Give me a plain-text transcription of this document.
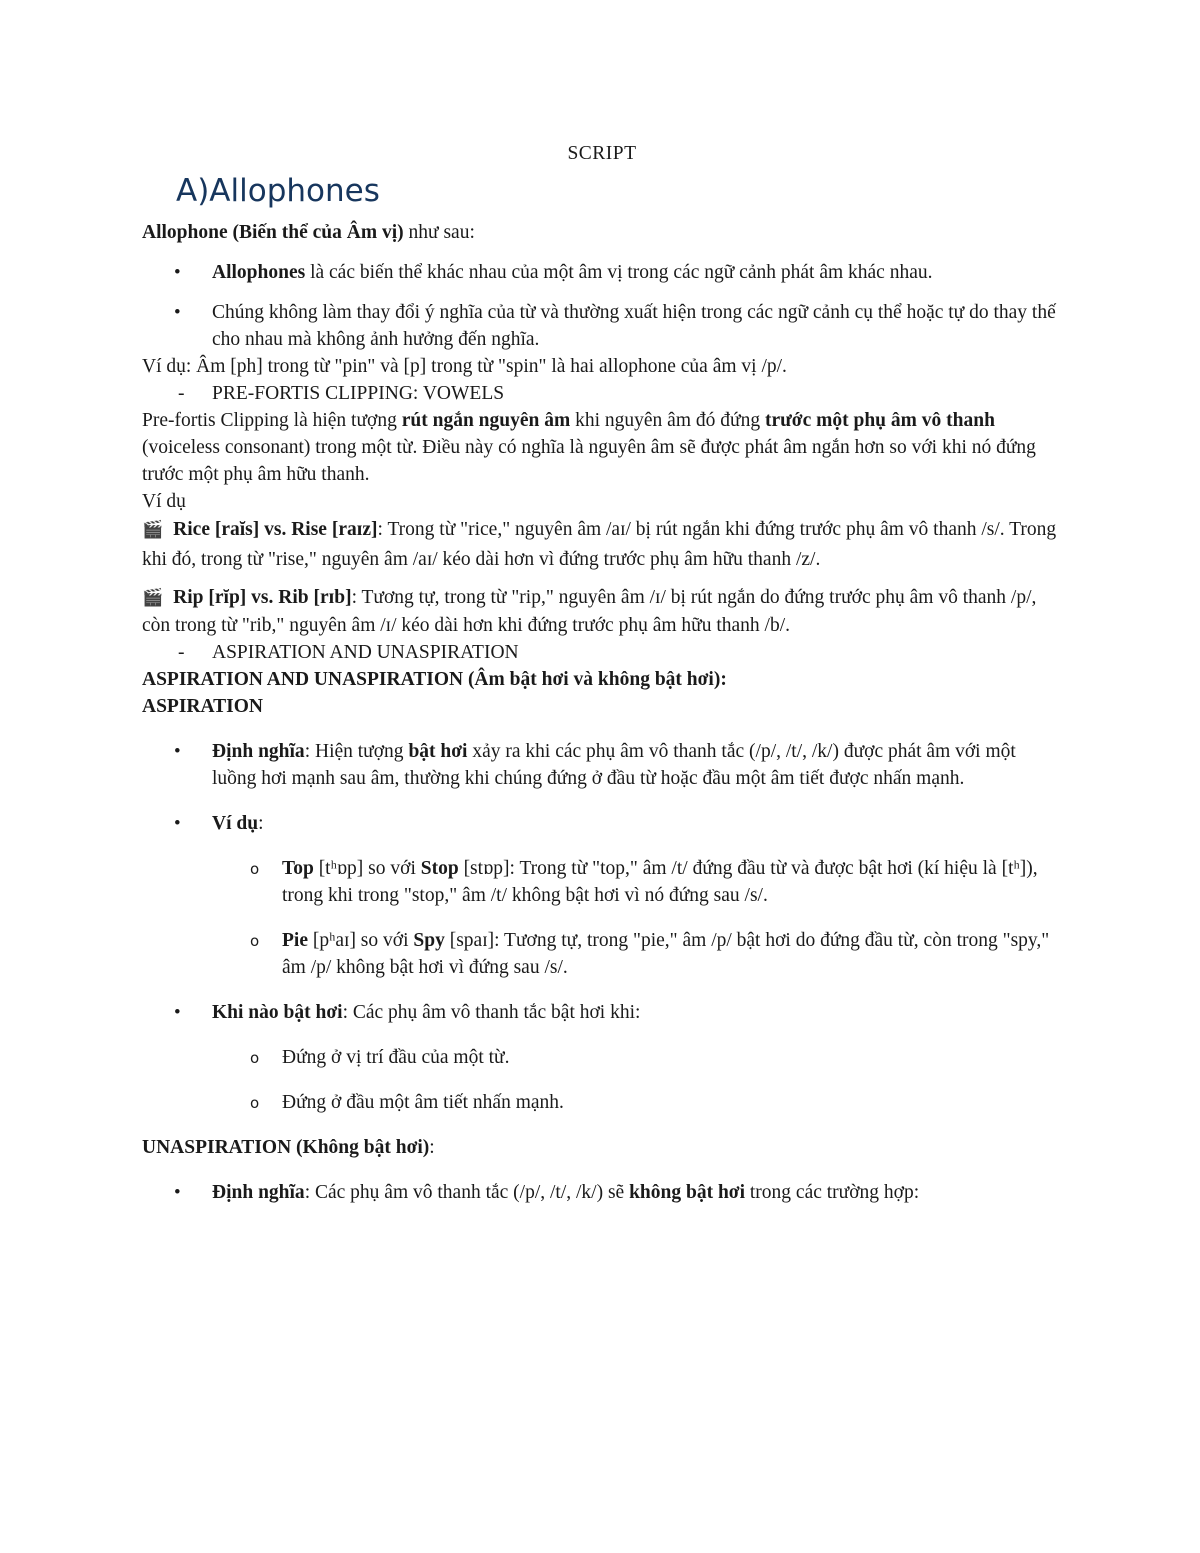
SCRIPT

A)Allophones

Allophone (Biến thể của Âm vị) như sau:

• Allophones là các biến thể khác nhau của một âm vị trong các ngữ cảnh phát âm khác nhau.
• Chúng không làm thay đổi ý nghĩa của từ và thường xuất hiện trong các ngữ cảnh cụ thể hoặc tự do thay thế cho nhau mà không ảnh hưởng đến nghĩa.

Ví dụ: Âm [ph] trong từ "pin" và [p] trong từ "spin" là hai allophone của âm vị /p/.

- PRE-FORTIS CLIPPING: VOWELS

Pre-fortis Clipping là hiện tượng rút ngắn nguyên âm khi nguyên âm đó đứng trước một phụ âm vô thanh (voiceless consonant) trong một từ. Điều này có nghĩa là nguyên âm sẽ được phát âm ngắn hơn so với khi nó đứng trước một phụ âm hữu thanh.

Ví dụ

🎬 Rice [raĭs] vs. Rise [raɪz]: Trong từ "rice," nguyên âm /aɪ/ bị rút ngắn khi đứng trước phụ âm vô thanh /s/. Trong khi đó, trong từ "rise," nguyên âm /aɪ/ kéo dài hơn vì đứng trước phụ âm hữu thanh /z/.

🎬 Rip [rĭp] vs. Rib [rɪb]: Tương tự, trong từ "rip," nguyên âm /ɪ/ bị rút ngắn do đứng trước phụ âm vô thanh /p/, còn trong từ "rib," nguyên âm /ɪ/ kéo dài hơn khi đứng trước phụ âm hữu thanh /b/.

- ASPIRATION AND UNASPIRATION

ASPIRATION AND UNASPIRATION (Âm bật hơi và không bật hơi):

ASPIRATION

• Định nghĩa: Hiện tượng bật hơi xảy ra khi các phụ âm vô thanh tắc (/p/, /t/, /k/) được phát âm với một luồng hơi mạnh sau âm, thường khi chúng đứng ở đầu từ hoặc đầu một âm tiết được nhấn mạnh.
• Ví dụ:
o Top [tʰɒp] so với Stop [stɒp]: Trong từ "top," âm /t/ đứng đầu từ và được bật hơi (kí hiệu là [tʰ]), trong khi trong "stop," âm /t/ không bật hơi vì nó đứng sau /s/.
o Pie [pʰaɪ] so với Spy [spaɪ]: Tương tự, trong "pie," âm /p/ bật hơi do đứng đầu từ, còn trong "spy," âm /p/ không bật hơi vì đứng sau /s/.
• Khi nào bật hơi: Các phụ âm vô thanh tắc bật hơi khi:
o Đứng ở vị trí đầu của một từ.
o Đứng ở đầu một âm tiết nhấn mạnh.

UNASPIRATION (Không bật hơi):

• Định nghĩa: Các phụ âm vô thanh tắc (/p/, /t/, /k/) sẽ không bật hơi trong các trường hợp:
